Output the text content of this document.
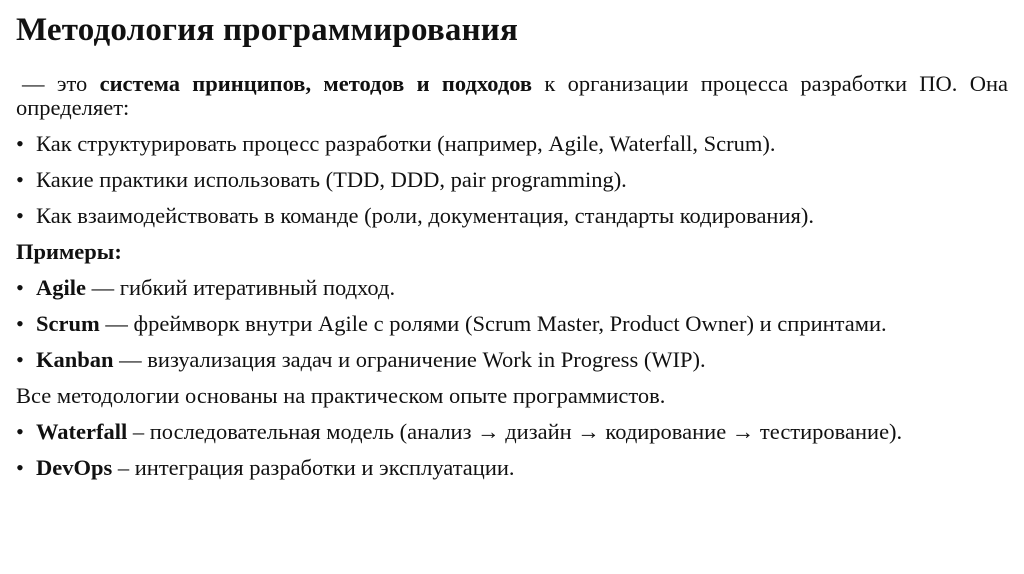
Методология программирования

— это система принципов, методов и подходов к организации процесса разработки ПО. Она определяет:

• Как структурировать процесс разработки (например, Agile, Waterfall, Scrum).
• Какие практики использовать (TDD, DDD, pair programming).
• Как взаимодействовать в команде (роли, документация, стандарты кодирования).
Примеры:
• Agile — гибкий итеративный подход.
• Scrum — фреймворк внутри Agile с ролями (Scrum Master, Product Owner) и спринтами.
• Kanban — визуализация задач и ограничение Work in Progress (WIP).
Все методологии основаны на практическом опыте программистов.
• Waterfall – последовательная модель (анализ → дизайн → кодирование → тестирование).
• DevOps – интеграция разработки и эксплуатации.
